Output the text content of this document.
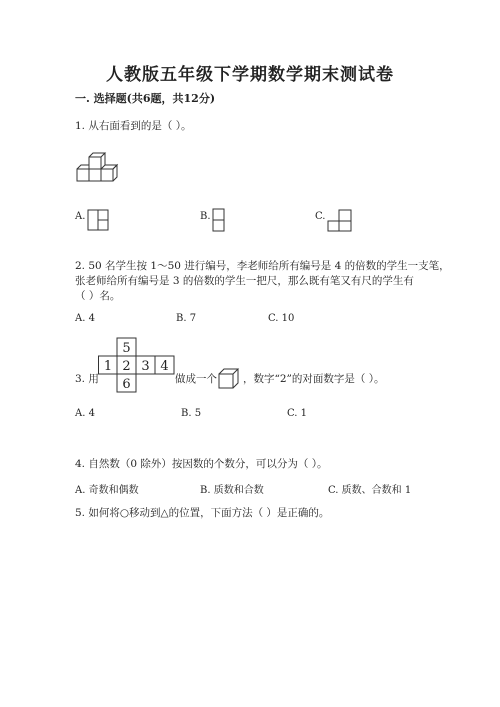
人教版五年级下学期数学期末测试卷
一. 选择题(共6题，共12分)
1. 从右面看到的是（ ）。
A.	B.	C.
2. 50 名学生按 1～50 进行编号，李老师给所有编号是 4 的倍数的学生一支笔，
张老师给所有编号是 3 的倍数的学生一把尺，那么既有笔又有尺的学生有
（ ）名。
A. 4	B. 7	C. 10
3. 用
5
1 2 3 4
6	做成一个 ，数字“2”的对面数字是（ ）。
A. 4	B. 5	C. 1
4. 自然数（0 除外）按因数的个数分，可以分为（ ）。
A. 奇数和偶数	B. 质数和合数	C. 质数、合数和 1
5. 如何将○移动到△的位置，下面方法（ ）是正确的。
